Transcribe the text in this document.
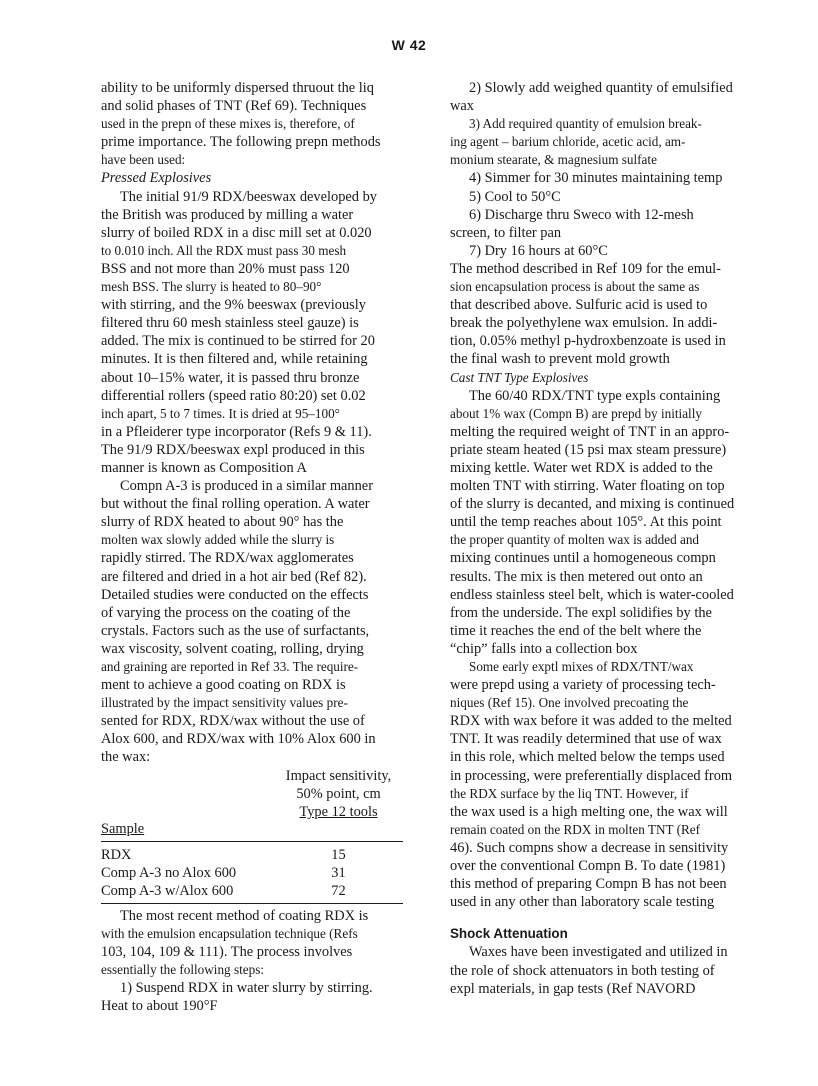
W 42
ability to be uniformly dispersed thruout the liq
and solid phases of TNT (Ref 69). Techniques
used in the prepn of these mixes is, therefore, of
prime importance. The following prepn methods
have been used:
Pressed Explosives
The initial 91/9 RDX/beeswax developed by
the British was produced by milling a water
slurry of boiled RDX in a disc mill set at 0.020
to 0.010 inch. All the RDX must pass 30 mesh
BSS and not more than 20% must pass 120
mesh BSS. The slurry is heated to 80–90°
with stirring, and the 9% beeswax (previously
filtered thru 60 mesh stainless steel gauze) is
added. The mix is continued to be stirred for 20
minutes. It is then filtered and, while retaining
about 10–15% water, it is passed thru bronze
differential rollers (speed ratio 80:20) set 0.02
inch apart, 5 to 7 times. It is dried at 95–100°
in a Pfleiderer type incorporator (Refs 9 & 11).
The 91/9 RDX/beeswax expl produced in this
manner is known as Composition A
Compn A-3 is produced in a similar manner
but without the final rolling operation. A water
slurry of RDX heated to about 90° has the
molten wax slowly added while the slurry is
rapidly stirred. The RDX/wax agglomerates
are filtered and dried in a hot air bed (Ref 82).
Detailed studies were conducted on the effects
of varying the process on the coating of the
crystals. Factors such as the use of surfactants,
wax viscosity, solvent coating, rolling, drying
and graining are reported in Ref 33. The require-
ment to achieve a good coating on RDX is
illustrated by the impact sensitivity values pre-
sented for RDX, RDX/wax without the use of
Alox 600, and RDX/wax with 10% Alox 600 in
the wax:
Impact sensitivity,
50% point, cm
Type 12 tools
Sample
RDX	15
Comp A-3 no Alox 600	31
Comp A-3 w/Alox 600	72
The most recent method of coating RDX is
with the emulsion encapsulation technique (Refs
103, 104, 109 & 111). The process involves
essentially the following steps:
1) Suspend RDX in water slurry by stirring.
Heat to about 190°F
2) Slowly add weighed quantity of emulsified
wax
3) Add required quantity of emulsion break-
ing agent – barium chloride, acetic acid, am-
monium stearate, & magnesium sulfate
4) Simmer for 30 minutes maintaining temp
5) Cool to 50°C
6) Discharge thru Sweco with 12-mesh
screen, to filter pan
7) Dry 16 hours at 60°C
The method described in Ref 109 for the emul-
sion encapsulation process is about the same as
that described above. Sulfuric acid is used to
break the polyethylene wax emulsion. In addi-
tion, 0.05% methyl p-hydroxbenzoate is used in
the final wash to prevent mold growth
Cast TNT Type Explosives
The 60/40 RDX/TNT type expls containing
about 1% wax (Compn B) are prepd by initially
melting the required weight of TNT in an appro-
priate steam heated (15 psi max steam pressure)
mixing kettle. Water wet RDX is added to the
molten TNT with stirring. Water floating on top
of the slurry is decanted, and mixing is continued
until the temp reaches about 105°. At this point
the proper quantity of molten wax is added and
mixing continues until a homogeneous compn
results. The mix is then metered out onto an
endless stainless steel belt, which is water-cooled
from the underside. The expl solidifies by the
time it reaches the end of the belt where the
“chip” falls into a collection box
Some early exptl mixes of RDX/TNT/wax
were prepd using a variety of processing tech-
niques (Ref 15). One involved precoating the
RDX with wax before it was added to the melted
TNT. It was readily determined that use of wax
in this role, which melted below the temps used
in processing, were preferentially displaced from
the RDX surface by the liq TNT. However, if
the wax used is a high melting one, the wax will
remain coated on the RDX in molten TNT (Ref
46). Such compns show a decrease in sensitivity
over the conventional Compn B. To date (1981)
this method of preparing Compn B has not been
used in any other than laboratory scale testing
Shock Attenuation
Waxes have been investigated and utilized in
the role of shock attenuators in both testing of
expl materials, in gap tests (Ref NAVORD
